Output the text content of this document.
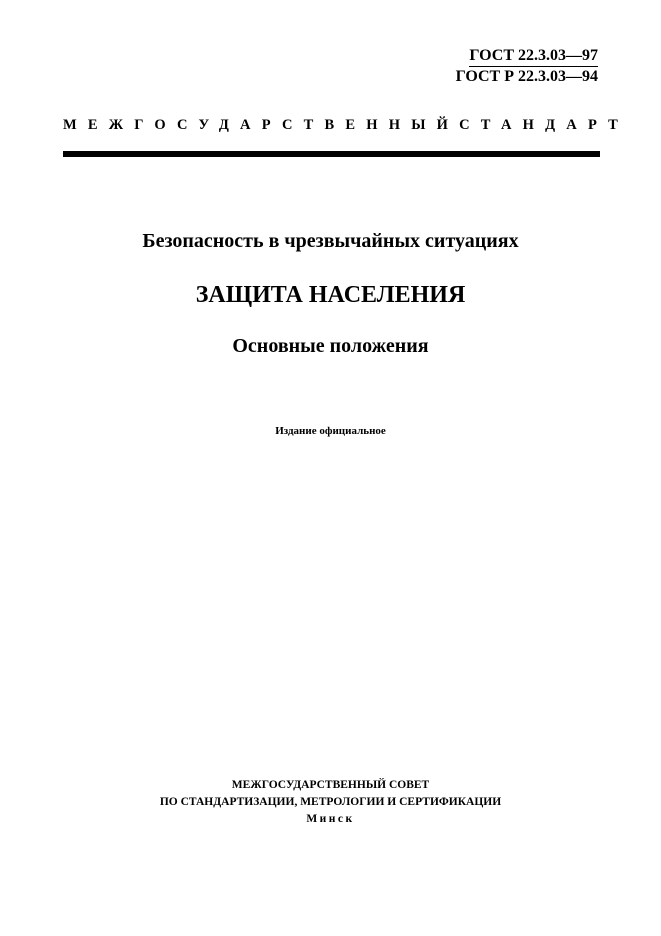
ГОСТ 22.3.03—97
ГОСТ Р 22.3.03—94
МЕЖГОСУДАРСТВЕННЫЙ СТАНДАРТ
Безопасность в чрезвычайных ситуациях
ЗАЩИТА НАСЕЛЕНИЯ
Основные положения
Издание официальное
МЕЖГОСУДАРСТВЕННЫЙ СОВЕТ
ПО СТАНДАРТИЗАЦИИ, МЕТРОЛОГИИ И СЕРТИФИКАЦИИ
Минск
